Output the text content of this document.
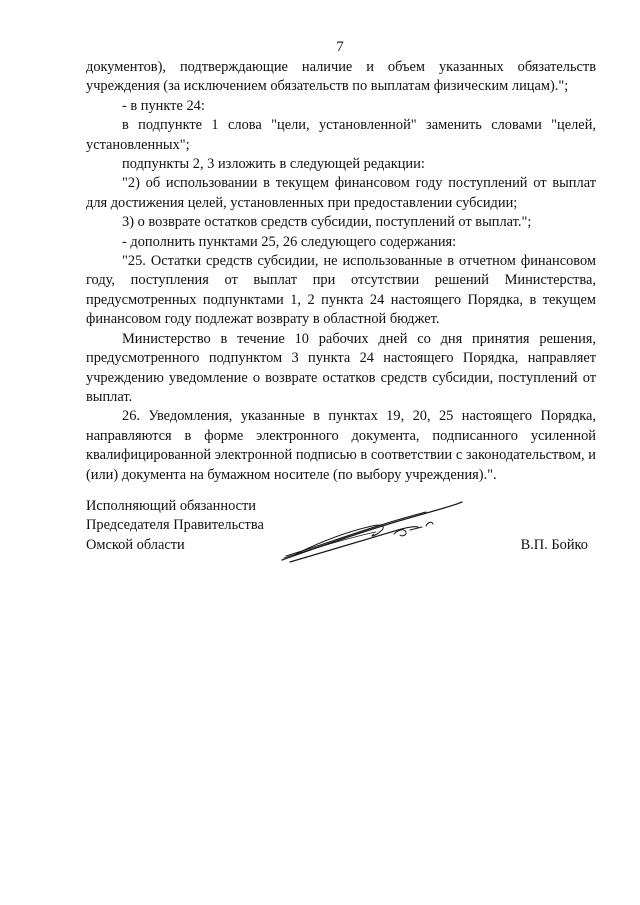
7

документов), подтверждающие наличие и объем указанных обязательств учреждения (за исключением обязательств по выплатам физическим лицам).";

- в пункте 24:

в подпункте 1 слова "цели, установленной" заменить словами "целей, установленных";

подпункты 2, 3 изложить в следующей редакции:

"2) об использовании в текущем финансовом году поступлений от выплат для достижения целей, установленных при предоставлении субсидии;

3) о возврате остатков средств субсидии, поступлений от выплат.";

- дополнить пунктами 25, 26 следующего содержания:

"25. Остатки средств субсидии, не использованные в отчетном финансовом году, поступления от выплат при отсутствии решений Министерства, предусмотренных подпунктами 1, 2 пункта 24 настоящего Порядка, в текущем финансовом году подлежат возврату в областной бюджет.

Министерство в течение 10 рабочих дней со дня принятия решения, предусмотренного подпунктом 3 пункта 24 настоящего Порядка, направляет учреждению уведомление о возврате остатков средств субсидии, поступлений от выплат.

26. Уведомления, указанные в пунктах 19, 20, 25 настоящего Порядка, направляются в форме электронного документа, подписанного усиленной квалифицированной электронной подписью в соответствии с законодательством, и (или) документа на бумажном носителе (по выбору учреждения).".

Исполняющий обязанности

Председателя Правительства

Омской области	В.П. Бойко
